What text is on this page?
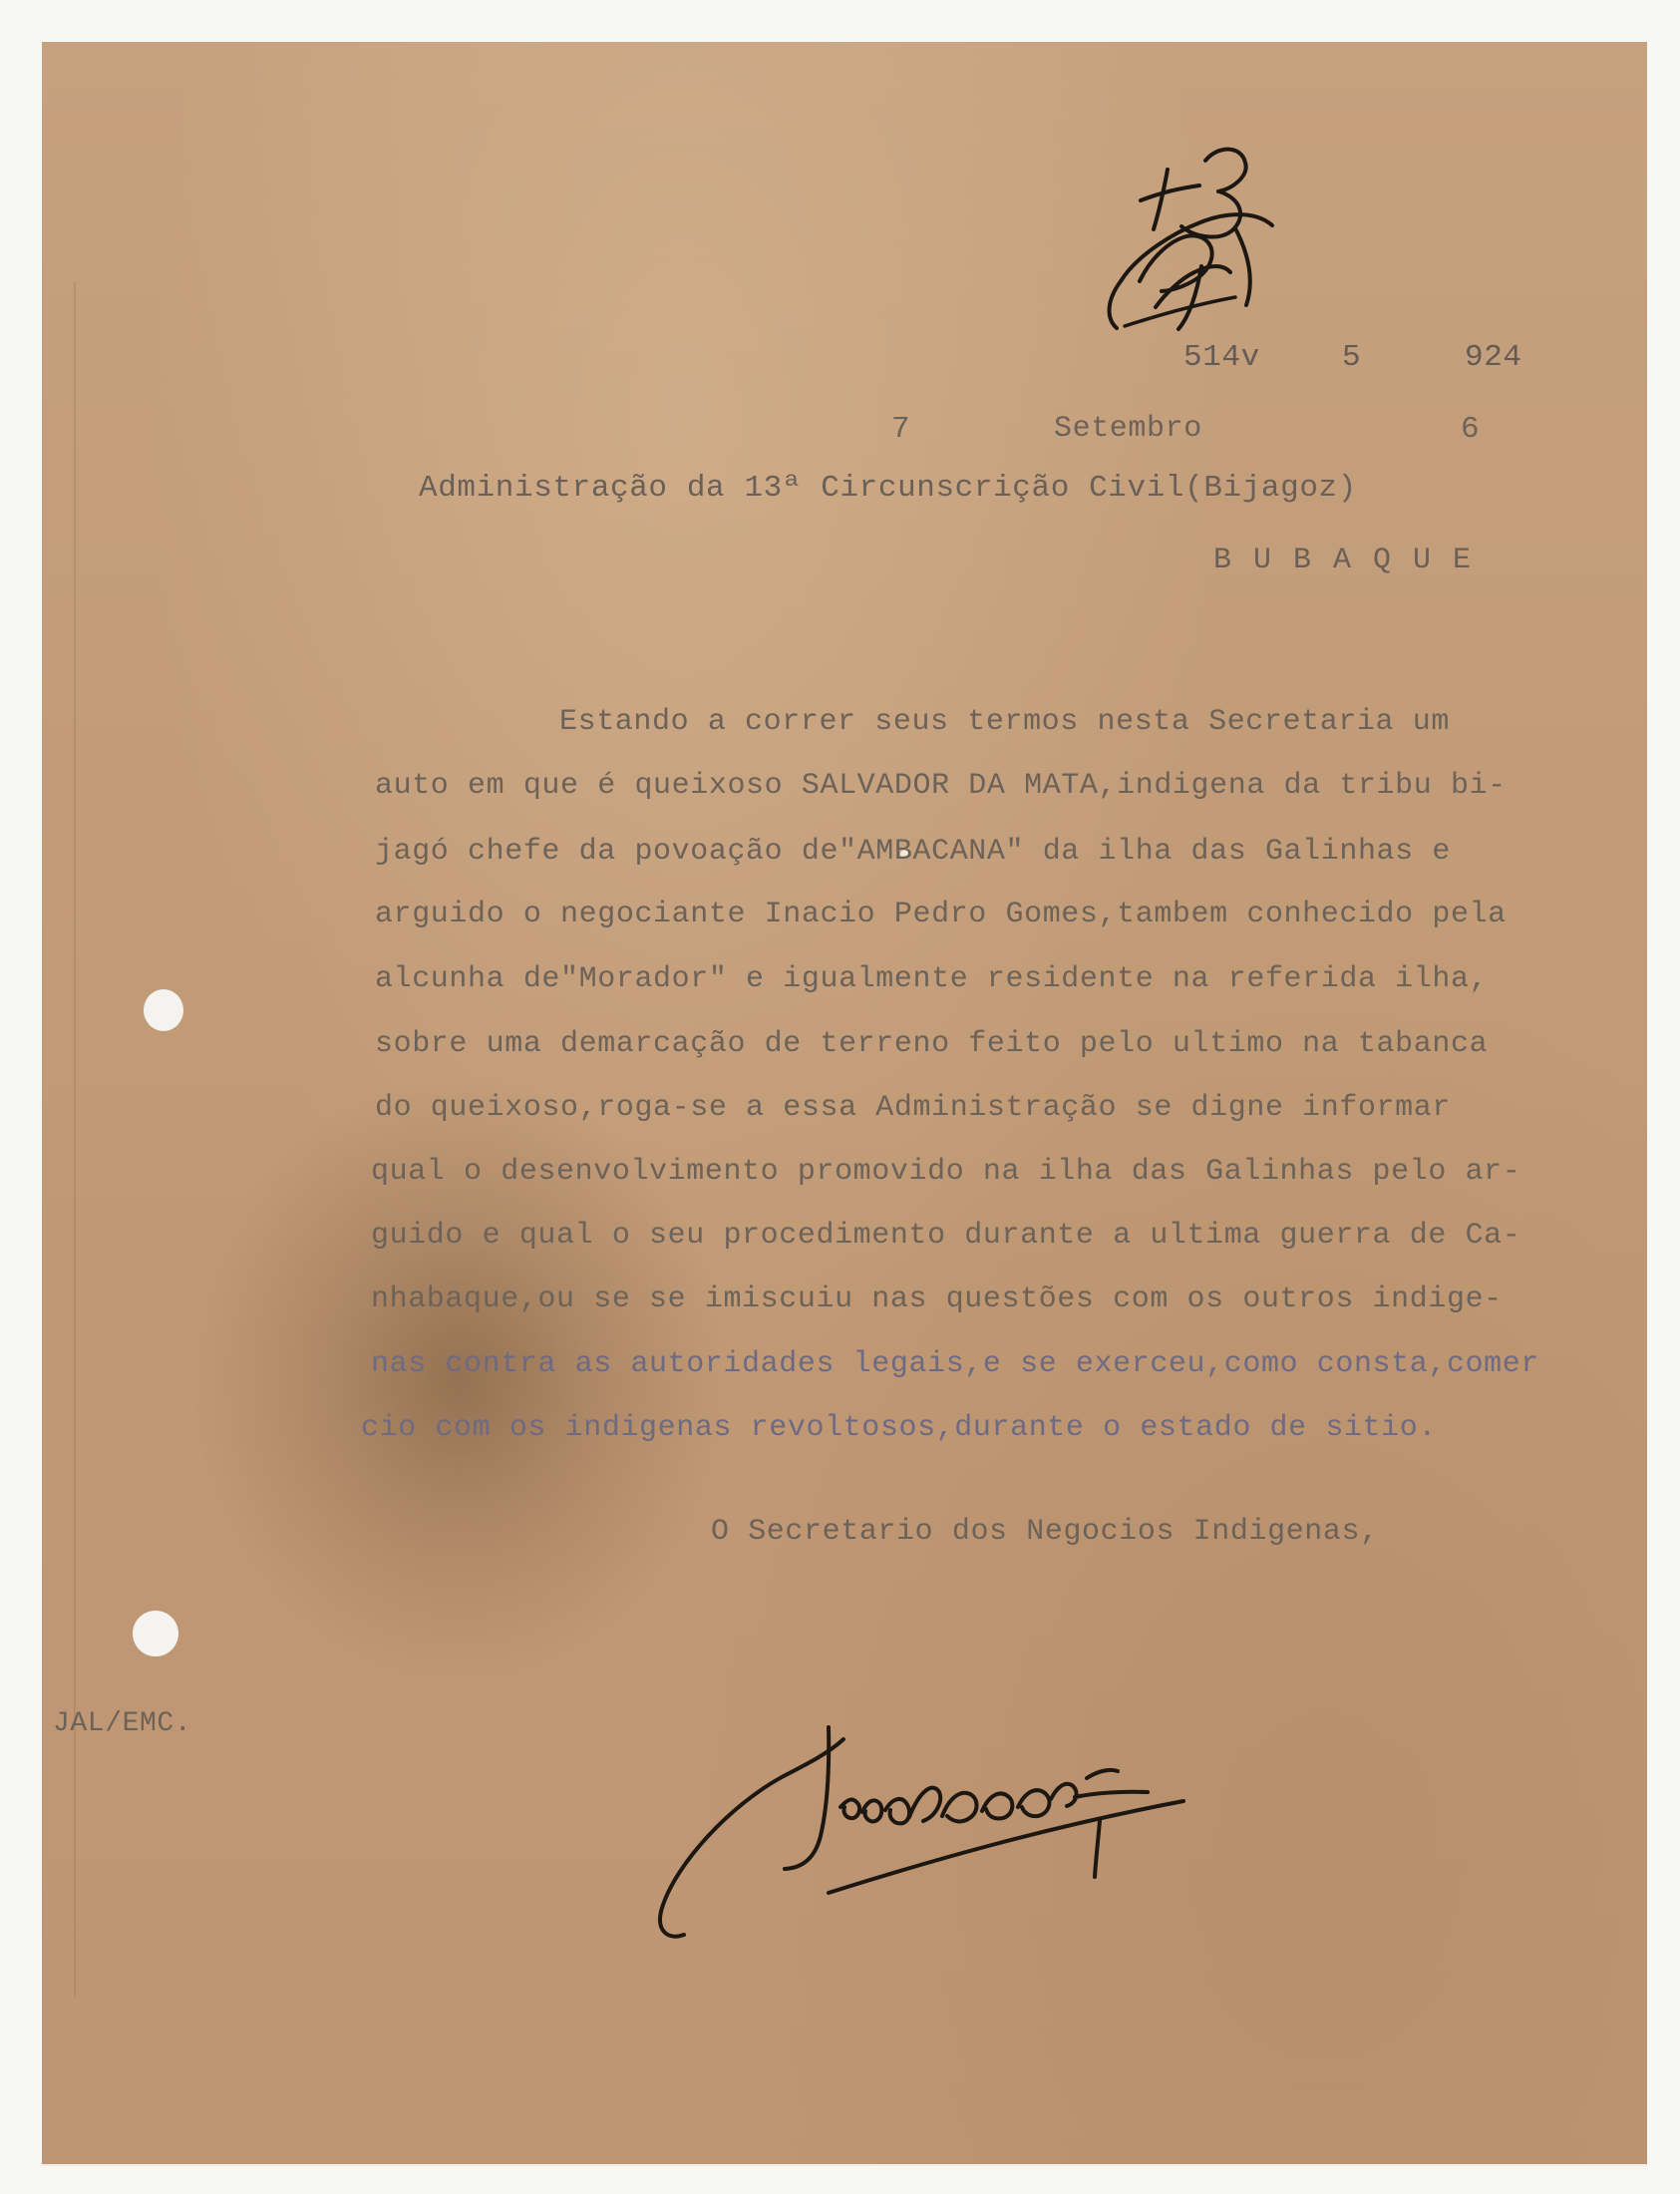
514v	5	924
7	Setembro	6
Administração da 13ª Circunscrição Civil(Bijagoz)
B U B A Q U E
Estando a correr seus termos nesta Secretaria um
auto em que é queixoso SALVADOR DA MATA,indigena da tribu bi-
jagó chefe da povoação de"AMBACANA" da ilha das Galinhas e
arguido o negociante Inacio Pedro Gomes,tambem conhecido pela
alcunha de"Morador" e igualmente residente na referida ilha,
sobre uma demarcação de terreno feito pelo ultimo na tabanca
do queixoso,roga-se a essa Administração se digne informar
qual o desenvolvimento promovido na ilha das Galinhas pelo ar-
guido e qual o seu procedimento durante a ultima guerra de Ca-
nhabaque,ou se se imiscuiu nas questões com os outros indige-
nas contra as autoridades legais,e se exerceu,como consta,comer
cio com os indigenas revoltosos,durante o estado de sitio.
O Secretario dos Negocios Indigenas,
JAL/EMC.
